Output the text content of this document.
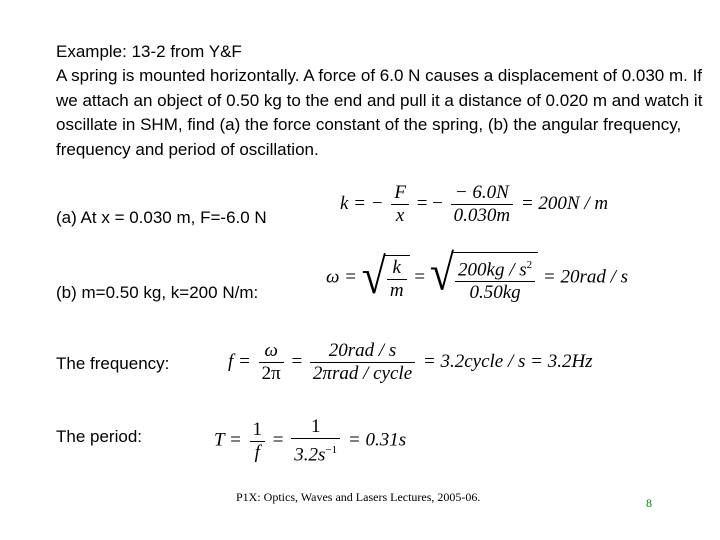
Example: 13-2 from Y&F
A spring is mounted horizontally. A force of 6.0 N causes a displacement of 0.030 m. If we attach an object of 0.50 kg to the end and pull it a distance of 0.020 m and watch it oscillate in SHM, find (a) the force constant of the spring, (b) the angular frequency, frequency and period of oscillation.
(a) At x = 0.030 m, F=-6.0 N
k = − $\frac{F}{x}$ = − $\frac{- 6.0N}{0.030m} = 200N / m$
(b) m=0.50 kg, k=200 N/m:
ω = √ $\frac{k}{m}$ = √ $\frac{200kg / s^2}{0.50kg} = 20rad / s$
The frequency:	$f = \frac{\omega}{2\pi} = \frac{\text{20rad / s}}{\text{2πrad / cycle}}$ = 3.2cycle / s = 3.2Hz
The period:	$T = \frac{1}{f} = \frac{1}{3.2s^{-1}} = 0.31s$
P1X: Optics, Waves and Lasers Lectures, 2005-06.	8
